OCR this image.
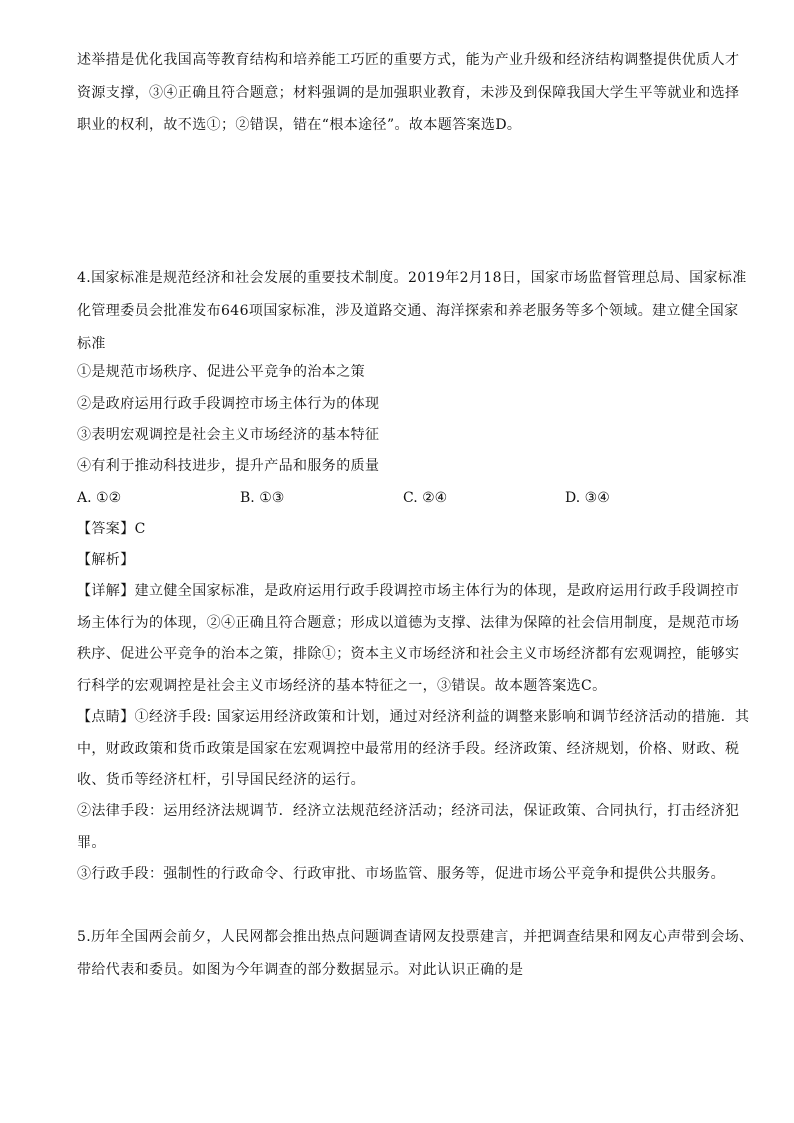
述举措是优化我国高等教育结构和培养能工巧匠的重要方式，能为产业升级和经济结构调整提供优质人才
资源支撑，③④正确且符合题意；材料强调的是加强职业教育，未涉及到保障我国大学生平等就业和选择
职业的权利，故不选①；②错误，错在“根本途径”。故本题答案选D。
4.国家标准是规范经济和社会发展的重要技术制度。2019年2月18日，国家市场监督管理总局、国家标准
化管理委员会批准发布646项国家标准，涉及道路交通、海洋探索和养老服务等多个领域。建立健全国家
标准
①是规范市场秩序、促进公平竞争的治本之策
②是政府运用行政手段调控市场主体行为的体现
③表明宏观调控是社会主义市场经济的基本特征
④有利于推动科技进步，提升产品和服务的质量
A. ①②	B. ①③	C. ②④	D. ③④
【答案】C
【解析】
【详解】建立健全国家标准，是政府运用行政手段调控市场主体行为的体现，是政府运用行政手段调控市
场主体行为的体现，②④正确且符合题意；形成以道德为支撑、法律为保障的社会信用制度，是规范市场
秩序、促进公平竞争的治本之策，排除①；资本主义市场经济和社会主义市场经济都有宏观调控，能够实
行科学的宏观调控是社会主义市场经济的基本特征之一，③错误。故本题答案选C。
【点睛】①经济手段: 国家运用经济政策和计划，通过对经济利益的调整来影响和调节经济活动的措施．其
中，财政政策和货币政策是国家在宏观调控中最常用的经济手段。经济政策、经济规划，价格、财政、税
收、货币等经济杠杆，引导国民经济的运行。
②法律手段：运用经济法规调节．经济立法规范经济活动；经济司法，保证政策、合同执行，打击经济犯
罪。
③行政手段：强制性的行政命令、行政审批、市场监管、服务等，促进市场公平竞争和提供公共服务。
5.历年全国两会前夕，人民网都会推出热点问题调查请网友投票建言，并把调查结果和网友心声带到会场、
带给代表和委员。如图为今年调查的部分数据显示。对此认识正确的是
